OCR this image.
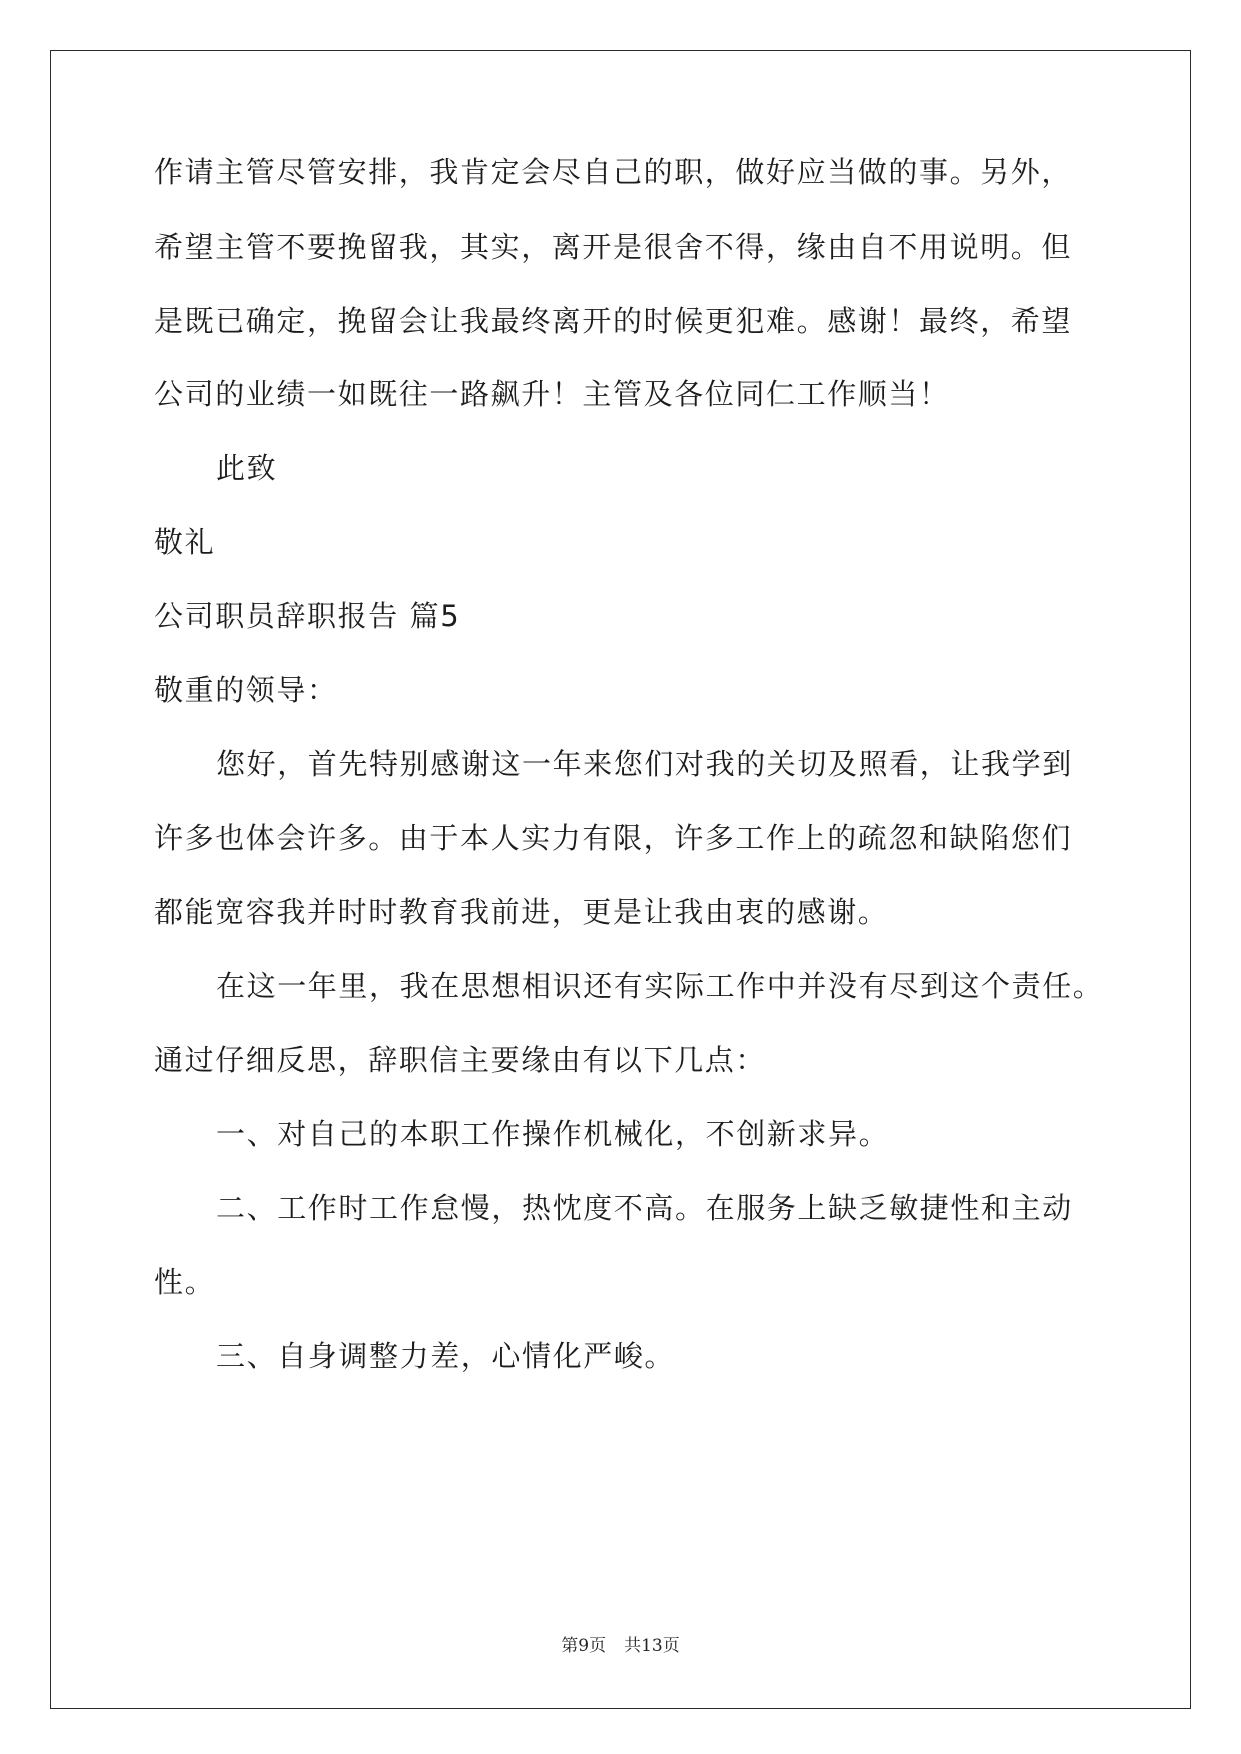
作请主管尽管安排，我肯定会尽自己的职，做好应当做的事。另外，
希望主管不要挽留我，其实，离开是很舍不得，缘由自不用说明。但
是既已确定，挽留会让我最终离开的时候更犯难。感谢！最终，希望
公司的业绩一如既往一路飙升！主管及各位同仁工作顺当！
此致
敬礼
公司职员辞职报告 篇5
敬重的领导：
您好，首先特别感谢这一年来您们对我的关切及照看，让我学到
许多也体会许多。由于本人实力有限，许多工作上的疏忽和缺陷您们
都能宽容我并时时教育我前进，更是让我由衷的感谢。
在这一年里，我在思想相识还有实际工作中并没有尽到这个责任。
通过仔细反思，辞职信主要缘由有以下几点：
一、对自己的本职工作操作机械化，不创新求异。
二、工作时工作怠慢，热忱度不高。在服务上缺乏敏捷性和主动
性。
三、自身调整力差，心情化严峻。
第9页 共13页
